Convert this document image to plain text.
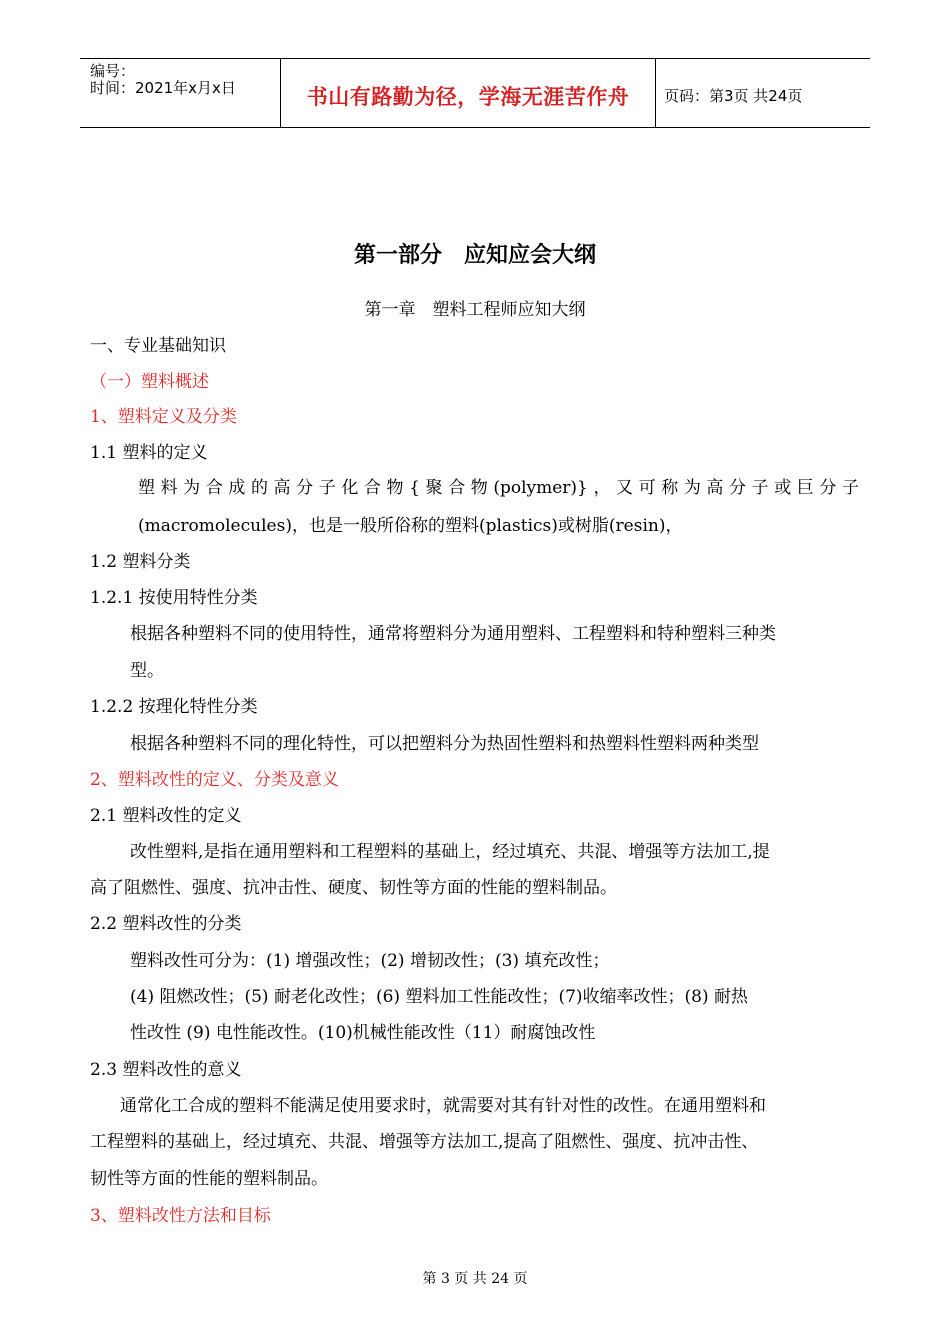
编号：
时间：2021年x月x日	书山有路勤为径，学海无涯苦作舟	页码：第3页 共24页
第一部分　应知应会大纲
第一章　塑料工程师应知大纲
一、专业基础知识
（一）塑料概述
1、塑料定义及分类
1.1 塑料的定义
塑料为合成的高分子化合物{聚合物(polymer)}，又可称为高分子或巨分子
(macromolecules)，也是一般所俗称的塑料(plastics)或树脂(resin)，
1.2 塑料分类
1.2.1 按使用特性分类
根据各种塑料不同的使用特性，通常将塑料分为通用塑料、工程塑料和特种塑料三种类
型。
1.2.2 按理化特性分类
根据各种塑料不同的理化特性，可以把塑料分为热固性塑料和热塑料性塑料两种类型
2、塑料改性的定义、分类及意义
2.1 塑料改性的定义
改性塑料,是指在通用塑料和工程塑料的基础上，经过填充、共混、增强等方法加工,提
高了阻燃性、强度、抗冲击性、硬度、韧性等方面的性能的塑料制品。
2.2 塑料改性的分类
塑料改性可分为：(1) 增强改性；(2) 增韧改性；(3) 填充改性；
(4) 阻燃改性；(5) 耐老化改性；(6) 塑料加工性能改性；(7)收缩率改性；(8) 耐热
性改性 (9) 电性能改性。(10)机械性能改性（11）耐腐蚀改性
2.3 塑料改性的意义
通常化工合成的塑料不能满足使用要求时，就需要对其有针对性的改性。在通用塑料和
工程塑料的基础上，经过填充、共混、增强等方法加工,提高了阻燃性、强度、抗冲击性、
韧性等方面的性能的塑料制品。
3、塑料改性方法和目标
第 3 页 共 24 页
